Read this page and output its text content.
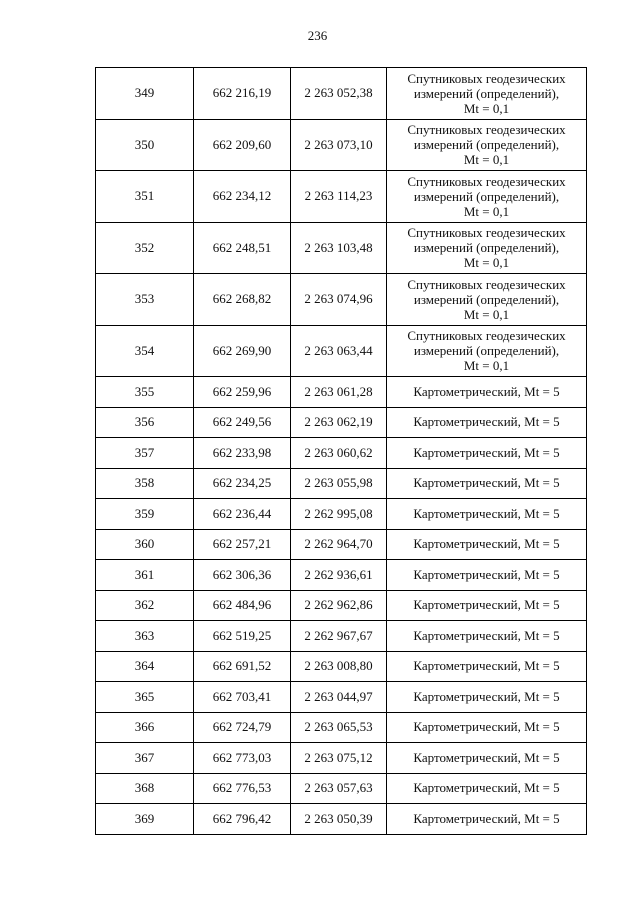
236
349	662 216,19	2 263 052,38	Спутниковых геодезических
измерений (определений),
Mt = 0,1

350	662 209,60	2 263 073,10	Спутниковых геодезических
измерений (определений),
Mt = 0,1

351	662 234,12	2 263 114,23	Спутниковых геодезических
измерений (определений),
Mt = 0,1

352	662 248,51	2 263 103,48	Спутниковых геодезических
измерений (определений),
Mt = 0,1

353	662 268,82	2 263 074,96	Спутниковых геодезических
измерений (определений),
Mt = 0,1

354	662 269,90	2 263 063,44	Спутниковых геодезических
измерений (определений),
Mt = 0,1

355	662 259,96	2 263 061,28	Картометрический, Mt = 5
356	662 249,56	2 263 062,19	Картометрический, Mt = 5
357	662 233,98	2 263 060,62	Картометрический, Mt = 5
358	662 234,25	2 263 055,98	Картометрический, Mt = 5
359	662 236,44	2 262 995,08	Картометрический, Mt = 5
360	662 257,21	2 262 964,70	Картометрический, Mt = 5
361	662 306,36	2 262 936,61	Картометрический, Mt = 5
362	662 484,96	2 262 962,86	Картометрический, Mt = 5
363	662 519,25	2 262 967,67	Картометрический, Mt = 5
364	662 691,52	2 263 008,80	Картометрический, Mt = 5
365	662 703,41	2 263 044,97	Картометрический, Mt = 5
366	662 724,79	2 263 065,53	Картометрический, Mt = 5
367	662 773,03	2 263 075,12	Картометрический, Mt = 5
368	662 776,53	2 263 057,63	Картометрический, Mt = 5
369	662 796,42	2 263 050,39	Картометрический, Mt = 5
